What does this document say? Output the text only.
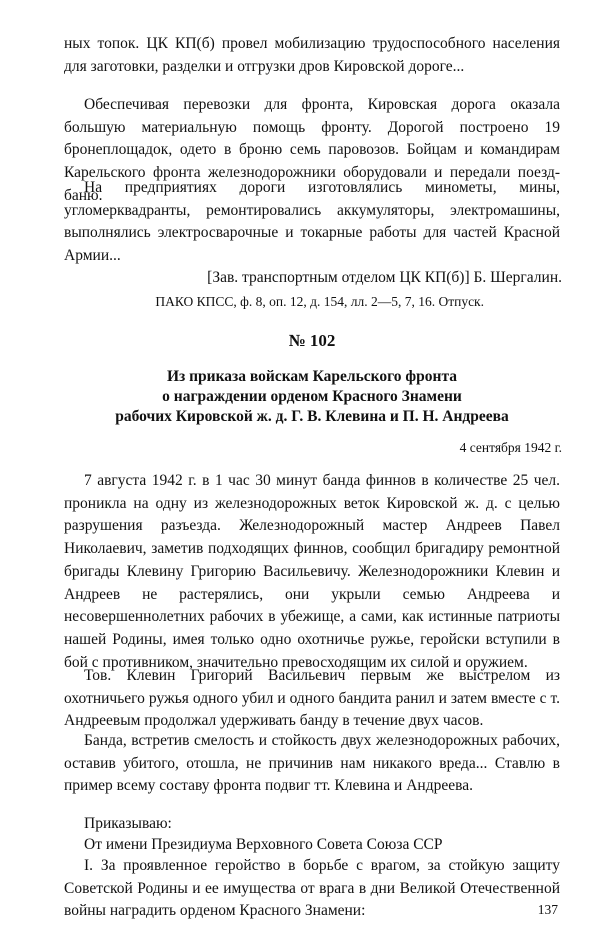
ных топок. ЦК КП(б) провел мобилизацию трудоспособного населения для заготовки, разделки и отгрузки дров Кировской дороге...

Обеспечивая перевозки для фронта, Кировская дорога оказала большую материальную помощь фронту. Дорогой построено 19 бронеплощадок, одето в броню семь паровозов. Бойцам и командирам Карельского фронта железнодорожники оборудовали и передали поезд-баню.

На предприятиях дороги изготовлялись минометы, мины, угломерквадранты, ремонтировались аккумуляторы, электромашины, выполнялись электросварочные и токарные работы для частей Красной Армии...

[Зав. транспортным отделом ЦК КП(б)] Б. Шергалин.

ПАКО КПСС, ф. 8, оп. 12, д. 154, лл. 2—5, 7, 16. Отпуск.

№ 102

Из приказа войскам Карельского фронта

о награждении орденом Красного Знамени

рабочих Кировской ж. д. Г. В. Клевина и П. Н. Андреева

4 сентября 1942 г.

7 августа 1942 г. в 1 час 30 минут банда финнов в количестве 25 чел. проникла на одну из железнодорожных веток Кировской ж. д. с целью разрушения разъезда. Железнодорожный мастер Андреев Павел Николаевич, заметив подходящих финнов, сообщил бригадиру ремонтной бригады Клевину Григорию Васильевичу. Железнодорожники Клевин и Андреев не растерялись, они укрыли семью Андреева и несовершеннолетних рабочих в убежище, а сами, как истинные патриоты нашей Родины, имея только одно охотничье ружье, геройски вступили в бой с противником, значительно превосходящим их силой и оружием.

Тов. Клевин Григорий Васильевич первым же выстрелом из охотничьего ружья одного убил и одного бандита ранил и затем вместе с т. Андреевым продолжал удерживать банду в течение двух часов.

Банда, встретив смелость и стойкость двух железнодорожных рабочих, оставив убитого, отошла, не причинив нам никакого вреда... Ставлю в пример всему составу фронта подвиг тт. Клевина и Андреева.

Приказываю:

От имени Президиума Верховного Совета Союза ССР

I. За проявленное геройство в борьбе с врагом, за стойкую защиту Советской Родины и ее имущества от врага в дни Великой Отечественной войны наградить орденом Красного Знамени:	137
